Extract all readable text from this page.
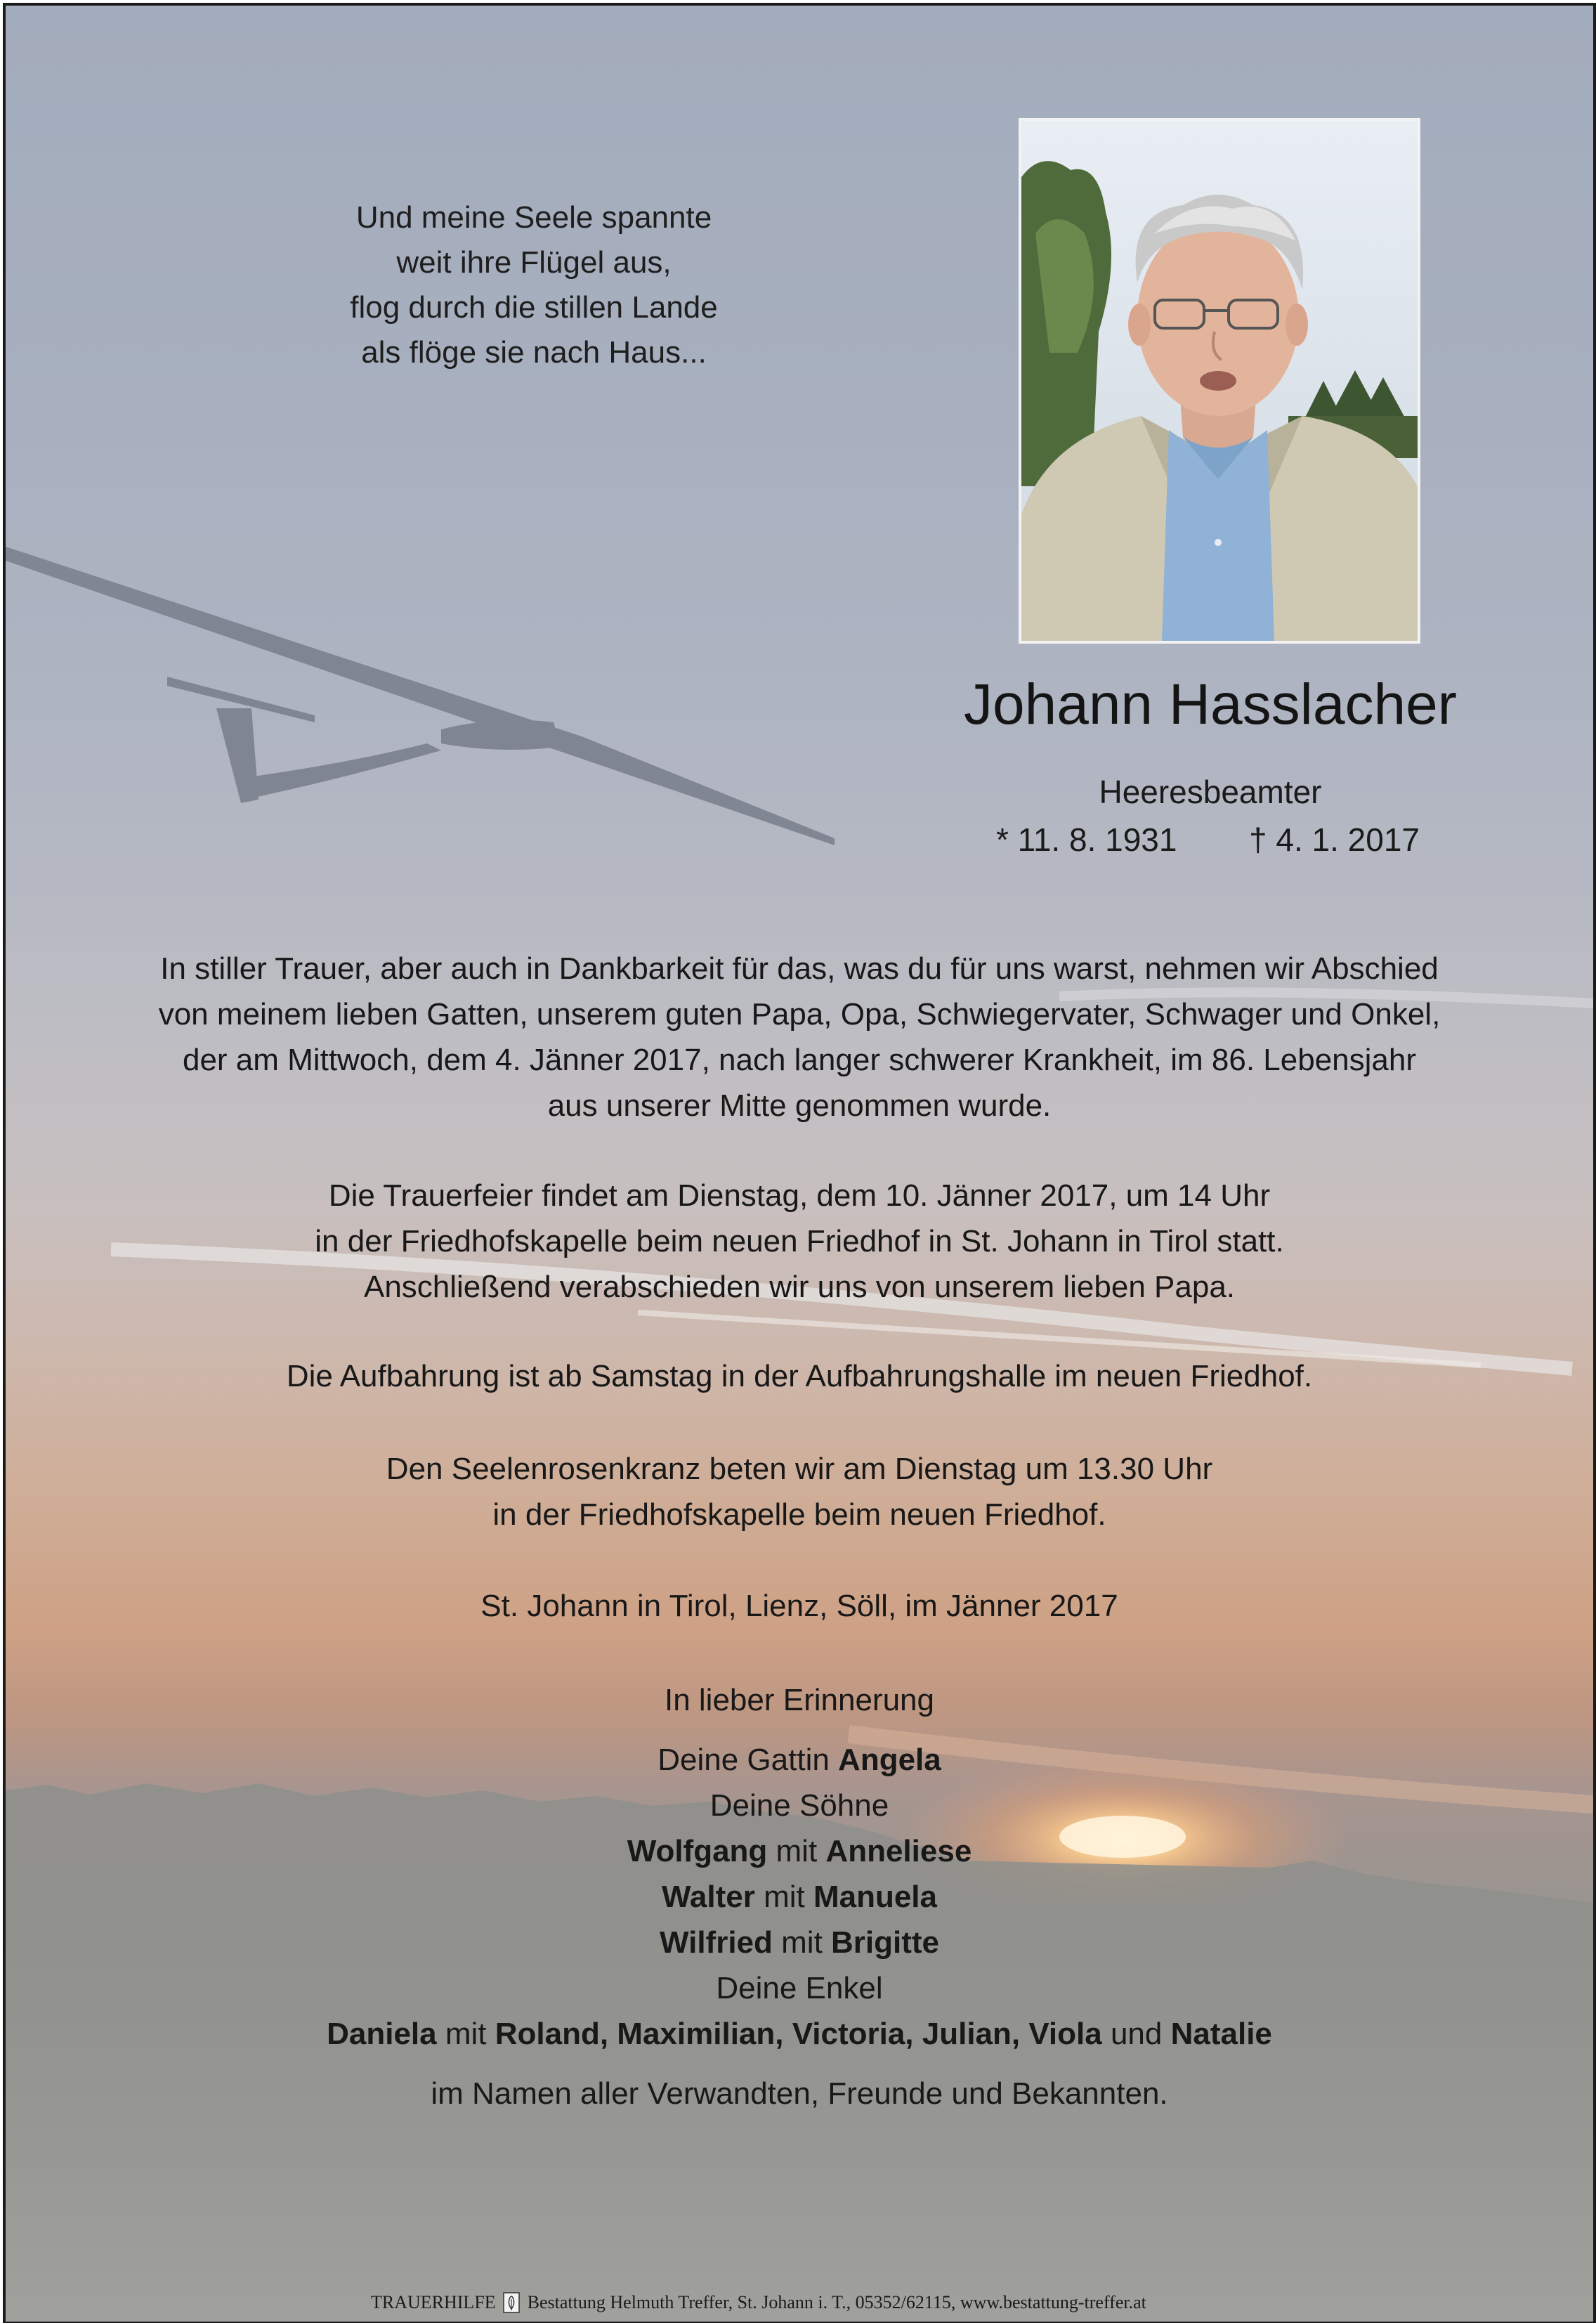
Und meine Seele spannte
weit ihre Flügel aus,
flog durch die stillen Lande
als flöge sie nach Haus...
Johann Hasslacher
Heeresbeamter
* 11. 8. 1931 † 4. 1. 2017

In stiller Trauer, aber auch in Dankbarkeit für das, was du für uns warst, nehmen wir Abschied

von meinem lieben Gatten, unserem guten Papa, Opa, Schwiegervater, Schwager und Onkel,

der am Mittwoch, dem 4. Jänner 2017, nach langer schwerer Krankheit, im 86. Lebensjahr

aus unserer Mitte genommen wurde.

Die Trauerfeier findet am Dienstag, dem 10. Jänner 2017, um 14 Uhr

in der Friedhofskapelle beim neuen Friedhof in St. Johann in Tirol statt.

Anschließend verabschieden wir uns von unserem lieben Papa.

Die Aufbahrung ist ab Samstag in der Aufbahrungshalle im neuen Friedhof.

Den Seelenrosenkranz beten wir am Dienstag um 13.30 Uhr

in der Friedhofskapelle beim neuen Friedhof.

St. Johann in Tirol, Lienz, Söll, im Jänner 2017

In lieber Erinnerung

Deine Gattin Angela

Deine Söhne

Wolfgang mit Anneliese

Walter mit Manuela

Wilfried mit Brigitte

Deine Enkel

Daniela mit Roland, Maximilian, Victoria, Julian, Viola und Natalie

im Namen aller Verwandten, Freunde und Bekannten.

TRAUERHILFE Bestattung Helmuth Treffer, St. Johann i. T., 05352/62115, www.bestattung-treffer.at
